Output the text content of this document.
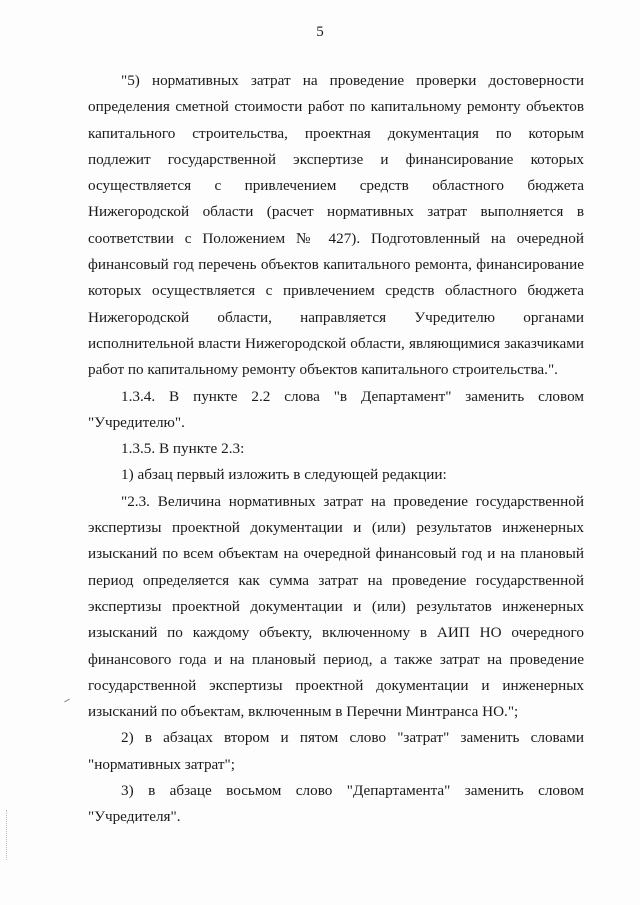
5

"5) нормативных затрат на проведение проверки достоверности определения сметной стоимости работ по капитальному ремонту объектов капитального строительства, проектная документация по которым подлежит государственной экспертизе и финансирование которых осуществляется с привлечением средств областного бюджета Нижегородской области (расчет нормативных затрат выполняется в соответствии с Положением № 427). Подготовленный на очередной финансовый год перечень объектов капитального ремонта, финансирование которых осуществляется с привлечением средств областного бюджета Нижегородской области, направляется Учредителю органами исполнительной власти Нижегородской области, являющимися заказчиками работ по капитальному ремонту объектов капитального строительства.".

1.3.4. В пункте 2.2 слова "в Департамент" заменить словом "Учредителю".

1.3.5. В пункте 2.3:

1) абзац первый изложить в следующей редакции:

"2.3. Величина нормативных затрат на проведение государственной экспертизы проектной документации и (или) результатов инженерных изысканий по всем объектам на очередной финансовый год и на плановый период определяется как сумма затрат на проведение государственной экспертизы проектной документации и (или) результатов инженерных изысканий по каждому объекту, включенному в АИП НО очередного финансового года и на плановый период, а также затрат на проведение государственной экспертизы проектной документации и инженерных изысканий по объектам, включенным в Перечни Минтранса НО.";

2) в абзацах втором и пятом слово "затрат" заменить словами "нормативных затрат";

3) в абзаце восьмом слово "Департамента" заменить словом "Учредителя".
